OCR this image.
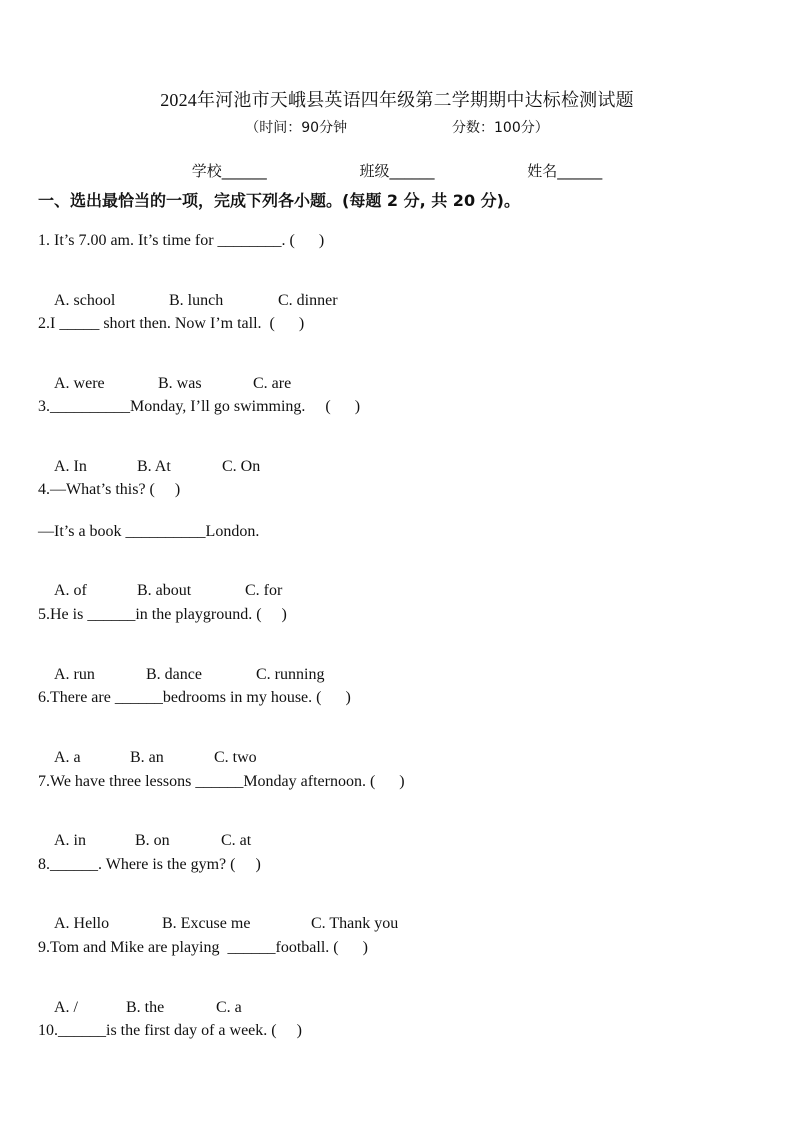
2024年河池市天峨县英语四年级第二学期期中达标检测试题
（时间：90分钟	分数：100分）
学校______	班级______	姓名______
一、选出最恰当的一项，完成下列各小题。(每题 2 分, 共 20 分)。
1. It’s 7.00 am. It’s time for ________. (      )

A. school	B. lunch	C. dinner

2.I _____ short then. Now I’m tall.  (      )

A. were	B. was	C. are

3.__________Monday, I’ll go swimming.     (      )

A. In	B. At	C. On

4.—What’s this? (     )
—It’s a book __________London.

A. of	B. about	C. for

5.He is ______in the playground. (     )

A. run	B. dance	C. running

6.There are ______bedrooms in my house. (      )

A. a	B. an	C. two

7.We have three lessons ______Monday afternoon. (      )

A. in	B. on	C. at

8.______. Where is the gym? (     )

A. Hello	B. Excuse me	C. Thank you

9.Tom and Mike are playing  ______football. (      )

A. /	B. the	C. a

10.______is the first day of a week. (     )
